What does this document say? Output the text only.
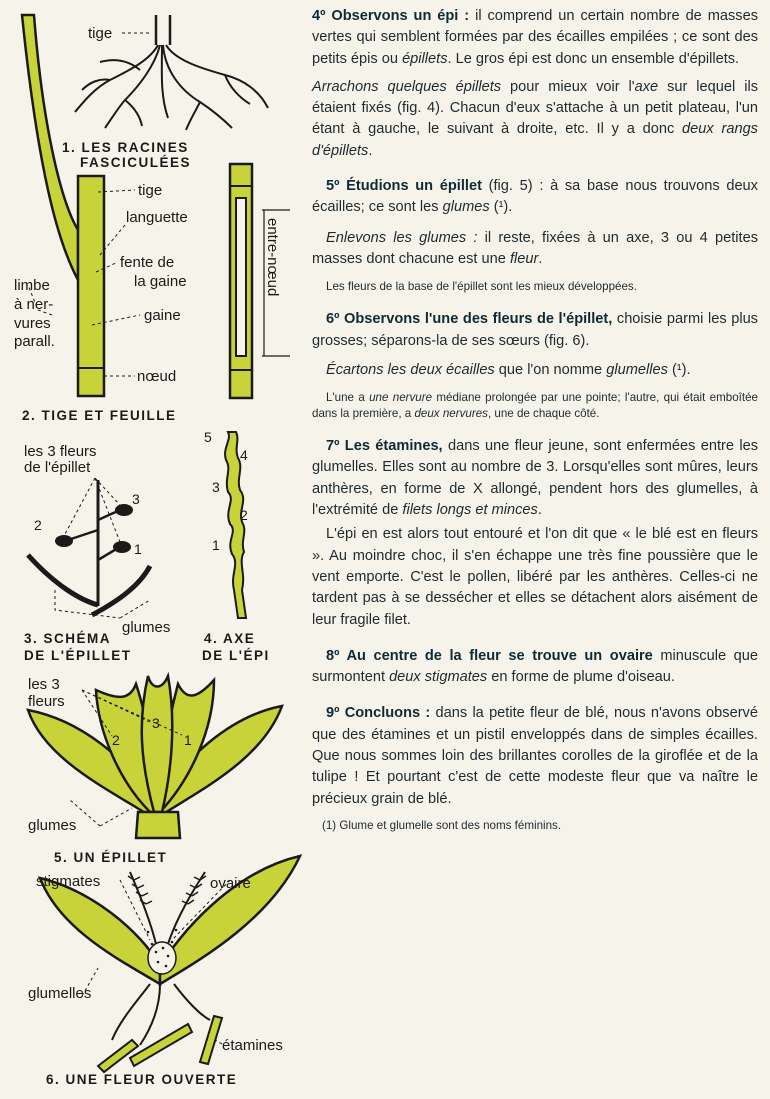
tige
1. LES RACINES
FASCICULÉES
entre-nœud
tige
languette
fente de
la gaine
gaine
nœud
limbe
à ner-
vures
parall.
2. TIGE ET FEUILLE
les 3 fleurs
de l'épillet
3
2
1
glumes
3. SCHÉMA
DE L'ÉPILLET
5
4
3
2
1
4. AXE
DE L'ÉPI
les 3
fleurs
2
3
1
glumes
5. UN ÉPILLET
stigmates	ovaire
glumelles
étamines
6. UNE FLEUR OUVERTE

4º Observons un épi : il comprend un certain nombre de masses vertes qui semblent formées par des écailles empilées ; ce sont des petits épis ou épillets. Le gros épi est donc un ensemble d'épillets.

Arrachons quelques épillets pour mieux voir l'axe sur lequel ils étaient fixés (fig. 4). Chacun d'eux s'attache à un petit plateau, l'un étant à gauche, le suivant à droite, etc. Il y a donc deux rangs d'épillets.

5º Étudions un épillet (fig. 5) : à sa base nous trouvons deux écailles; ce sont les glumes (¹).

Enlevons les glumes : il reste, fixées à un axe, 3 ou 4 petites masses dont chacune est une fleur.

Les fleurs de la base de l'épillet sont les mieux développées.

6º Observons l'une des fleurs de l'épillet, choisie parmi les plus grosses; séparons-la de ses sœurs (fig. 6).

Écartons les deux écailles que l'on nomme glumelles (¹).

L'une a une nervure médiane prolongée par une pointe; l'autre, qui était emboîtée dans la première, a deux nervures, une de chaque côté.

7º Les étamines, dans une fleur jeune, sont enfermées entre les glumelles. Elles sont au nombre de 3. Lorsqu'elles sont mûres, leurs anthères, en forme de X allongé, pendent hors des glumelles, à l'extrémité de filets longs et minces.

L'épi en est alors tout entouré et l'on dit que « le blé est en fleurs ». Au moindre choc, il s'en échappe une très fine poussière que le vent emporte. C'est le pollen, libéré par les anthères. Celles-ci ne tardent pas à se dessécher et elles se détachent alors aisément de leur fragile filet.

8º Au centre de la fleur se trouve un ovaire minuscule que surmontent deux stigmates en forme de plume d'oiseau.

9º Concluons : dans la petite fleur de blé, nous n'avons observé que des étamines et un pistil enveloppés dans de simples écailles. Que nous sommes loin des brillantes corolles de la giroflée et de la tulipe ! Et pourtant c'est de cette modeste fleur que va naître le précieux grain de blé.

(1) Glume et glumelle sont des noms féminins.
